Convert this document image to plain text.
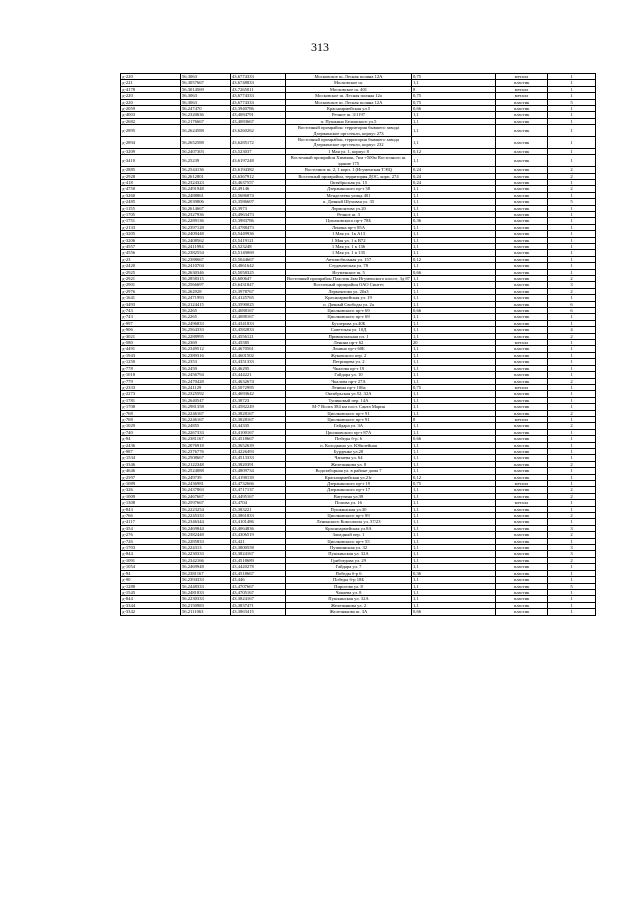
313
д-220	56,3063	43,6774333	Московское ш. Лесная поляна 12А	0,75	металл	1
д-221	56,3057667	43,6748833	Московское ш.	1,1	пластик	1
д-4178	56,3014569	43,7265011	Московское ш. 401	8	металл	1
д-220	56,3063	43,6774333	Московское ш. Лесная поляна 12а	0,75	металл	1
д-220	56,3063	43,6774333	Московское ш. Лесная поляна 12А	0,75	пластик	5
д-2059	56,247470	43,3940786	Красноармейская ул.5	0,66	пластик	1
д-4003	56,2320636	43,4084791	Речное ш. 3/1197	1,1	пластик	1
д-2682	56,2176667	43,4083667	п. Пушкино Белинского ул.5	1,1	пластик	1
д-2895	56,2624588	43,6260262	Восточный промрайон: территория бывшего завода Дзержинское оргстекло, корпус 273	1,1	пластик	1
д-2894	56,2652588	43,6285172	Восточный промрайон, территория бывшего завода Дзержинское оргстекло, корпус 232	1,1	пластик	1
д-3209	56,2407303	43,523037	1 Мая ул. 1, корпус 8	0,12	пластик	1
д-3410	56,25239	43,6197248	Восточный промрайон Химмаш, 7км +500м Восточного ш. здание 175	1,1	пластик	1
д-2885	56,2544136	43,6194382	Восточное ш. 2, 1 корп. 1 (Игуменская ТЭЦ)	0,24	пластик	2
д-2928	56,2612801	43,6367912	Восточный промрайон, территория ДОС, корп. 274	0,24	пластик	2
д-418	56,2324323	43,4637557	Октябрьская ул. 15	0,24	пластик	1
д-4750	56,2491948	43,49146	Дзержинского пр-т 38	1,1	пластик	2
д-3260	56,2488861	43,5686874	Менделеева улица 401	1,1	пластик	1
д-2485	56,2039806	43,3586607	п. Дачный Шуховая ул. 35	1,1	пластик	5
д-1155	56,2614667	43,3973	Лермонтова ул.20	1,1	пластик	1
д-1705	56,2327936	43,4963473	Речное ш. 3	1,1	пластик	1
д-1751	56,2289136	43,3983786	Циолковского пр-т 78Б	0,36	пластик	1
д-2133	56,2397128	43,4788473	Ленина пр-т 85А	1,1	пластик	1
д-3205	56,2409448	43,5449936	1 Мая ул. 1к А13	1,1	пластик	1
д-3206	56,2408562	43,5419121	1 Мая ул. 1 к В72	1,1	пластик	1
д-4557	56,2411994	43,523248	1 Мая ул. 1 к 136	1,1	пластик	1
д-4556	56,2382554	43,5149069	1 Мая ул. 1 к 135	1,1	пластик	1
д-23	56,2388667	43,5044667	Автомобильная ул. 157	0,12	пластик	1
д-2420	56,2410704	43,4861642	Студенческая ул. 78	1,1	пластик	1
д-2925	56,2630346	43,5058325	Игуменское ш. 5	0,66	пластик	1
д-2921	56,2858315	43,600647	Восточный промрайон Пластик 2км Игуменского шоссе, 3д 87	1,1	пластик	2
д-2901	56,2566697	43,6431847	Восточный промрайон ОАО Синтез	1,1	пластик	3
д-2976	56,262928	43,3978767	Лермонтова ул. 20а3	1,1	пластик	2
д-1641	56,2471993	43,4125765	Красноармейская ул. 19	1,1	пластик	1
д-3493	56,2124415	43,3590025	п. Дачный Свободы ул. 2а	1,1	пластик	6
д-743	56,2265	43,4088167	Циолковского пр-т 69	0,66	пластик	6
д-743	56,2265	43,4088167	Циолковского пр-т 69	1,1	пластик	1
д-997	56,2496833	43,4341833	Бутлерова ул.40Б	1,1	пластик	1
д-906	56,2564333	43,4582833	Советская ул. 10Д	1,1	пластик	4
д-3021	56,2288995	43,4556121	Привокзальная пл. 1	1,1	пластик	2
д-580	56,2369	43,45585	Ленина пр-т 62	20	металл	1
д-4491	56,2349512	43,4670561	Ленина пр-т 60Б	1,1	пластик	1
д-1943	56,2389316	43,4601502	Жуковского пер. 2	1,1	пластик	1
д-1250	56,2353	43,4351333	Петрищева ул. 2	1,1	пластик	1
д-778	56,2459	43,46295	Чкалова пр-т 19	1,1	пластик	1
д-1018	56,2456794	43,444221	Гайдара ул. 10	1,1	пластик	1
д-779	56,2470428	43,4632674	Чкалова пр-т 27А	1,1	пластик	2
д-2333	56,241129	43,5072995	Ленина пр-т 106а	0,75	металл	1
д-2273	56,2325592	43,4693642	Октябрьская ул.52, 32А	1,1	пластик	1
д-1781	56,2640547	43,38723	Тупиковый пер. 14А	1,1	пластик	1
д-1708	56,2981358	43,4582249	М-7 Волга 384 км пост. Санта Мария	1,1	пластик	1
д-768	56,2246167	43,3828167	Циолковского пр-т 91	1,1	пластик	2
д-768	56,2246167	43,3828167	Циолковского пр-т 91	8	металл	1
д-1029	56,24855	43,44335	Гайдара ул. 3А	1,1	пластик	2
д-740	56,2267333	43,4100167	Циолковского пр-т 87А	1,1	пластик	1
д-94	56,2381167	43,4518667	Победы б-р. 6	0,66	пластик	1
д-2436	56,2076918	43,3652639	п. Колодкино ул. Юбилейная	1,1	пластик	1
д-987	56,2376776	43,4226493	Бурденко ул.20	1,1	пластик	1
д-1534	56,2508667	43,4513333	Чапаева ул. 64	1,1	пластик	1
д-3346	56,2122348	43,3820391	Железнякова ул. 8	1,1	пластик	2
д-4646	56,2524088	43,4809734	Водозаборная ул. в районе дома 7	1,1	пластик	1
д-2597	56,249739	43,4198139	Красноармейская ул.21г	0,12	пластик	1
д-1089	56,2436981	43,4732666	Дзержинского пр-т 19	0,75	металл	1
д-326	56,2437863	43,4717137	Дзержинского пр-т 17	1,1	пластик	2
д-1009	56,2467667	43,4495167	Ватутина ул.39	1,1	пластик	2
д-1308	56,2597667	43,4704	Попова ул. 16	1,1	металл	1
д-843	56,2223254	43,383221	Пушкинская ул.30	1,1	пластик	1
д-766	56,2245333	43,3861833	Циолковского пр-т 89	1,1	пластик	2
д-4117	56,2346344	43,4101486	Ленинского Комсомола ул. 37/23	1,1	пластик	1
д-354	56,2469844	43,4064836	Красноармейская ул.8А	1,1	пластик	3
д-276	56,2382448	43,4306519	Западный пер. 1	1,1	пластик	2
д-726	56,2285833	43,421	Циолковского пр-т 55	1,1	пластик	1
д-1703	56,224313	43,3800558	Пушкинская ул. 32	1,1	пластик	3
д-844	56,2230333	43,3824167	Пушкинская ул. 32А	1,1	пластик	3
д-1091	56,2342166	43,4518689	Грибоедова ул. 29	1,1	пластик	2
д-1054	56,2469948	43,4420278	Гайдара ул. 7	1,1	пластик	1
д-94	56,2381167	43,4518667	Победы б-р 6	0,36	пластик	1
д-90	56,2394333	43,446	Победы б-р 18Б	1,1	пластик	1
д-1288	56,2448333	43,4707667	Пирогова ул. 8	1,1	пластик	5
д-1545	56,2481833	43,4705167	Чапаева ул. 8	1,1	пластик	1
д-844	56,2230333	43,3824167	Пушкинская ул. 32А	1,1	пластик	1
д-3344	56,2150983	43,3837471	Железнякова ул. 2	1,1	пластик	1
д-3342	56,2111063	43,3863415	Железнякова ш. 3А	0,66	пластик	1
